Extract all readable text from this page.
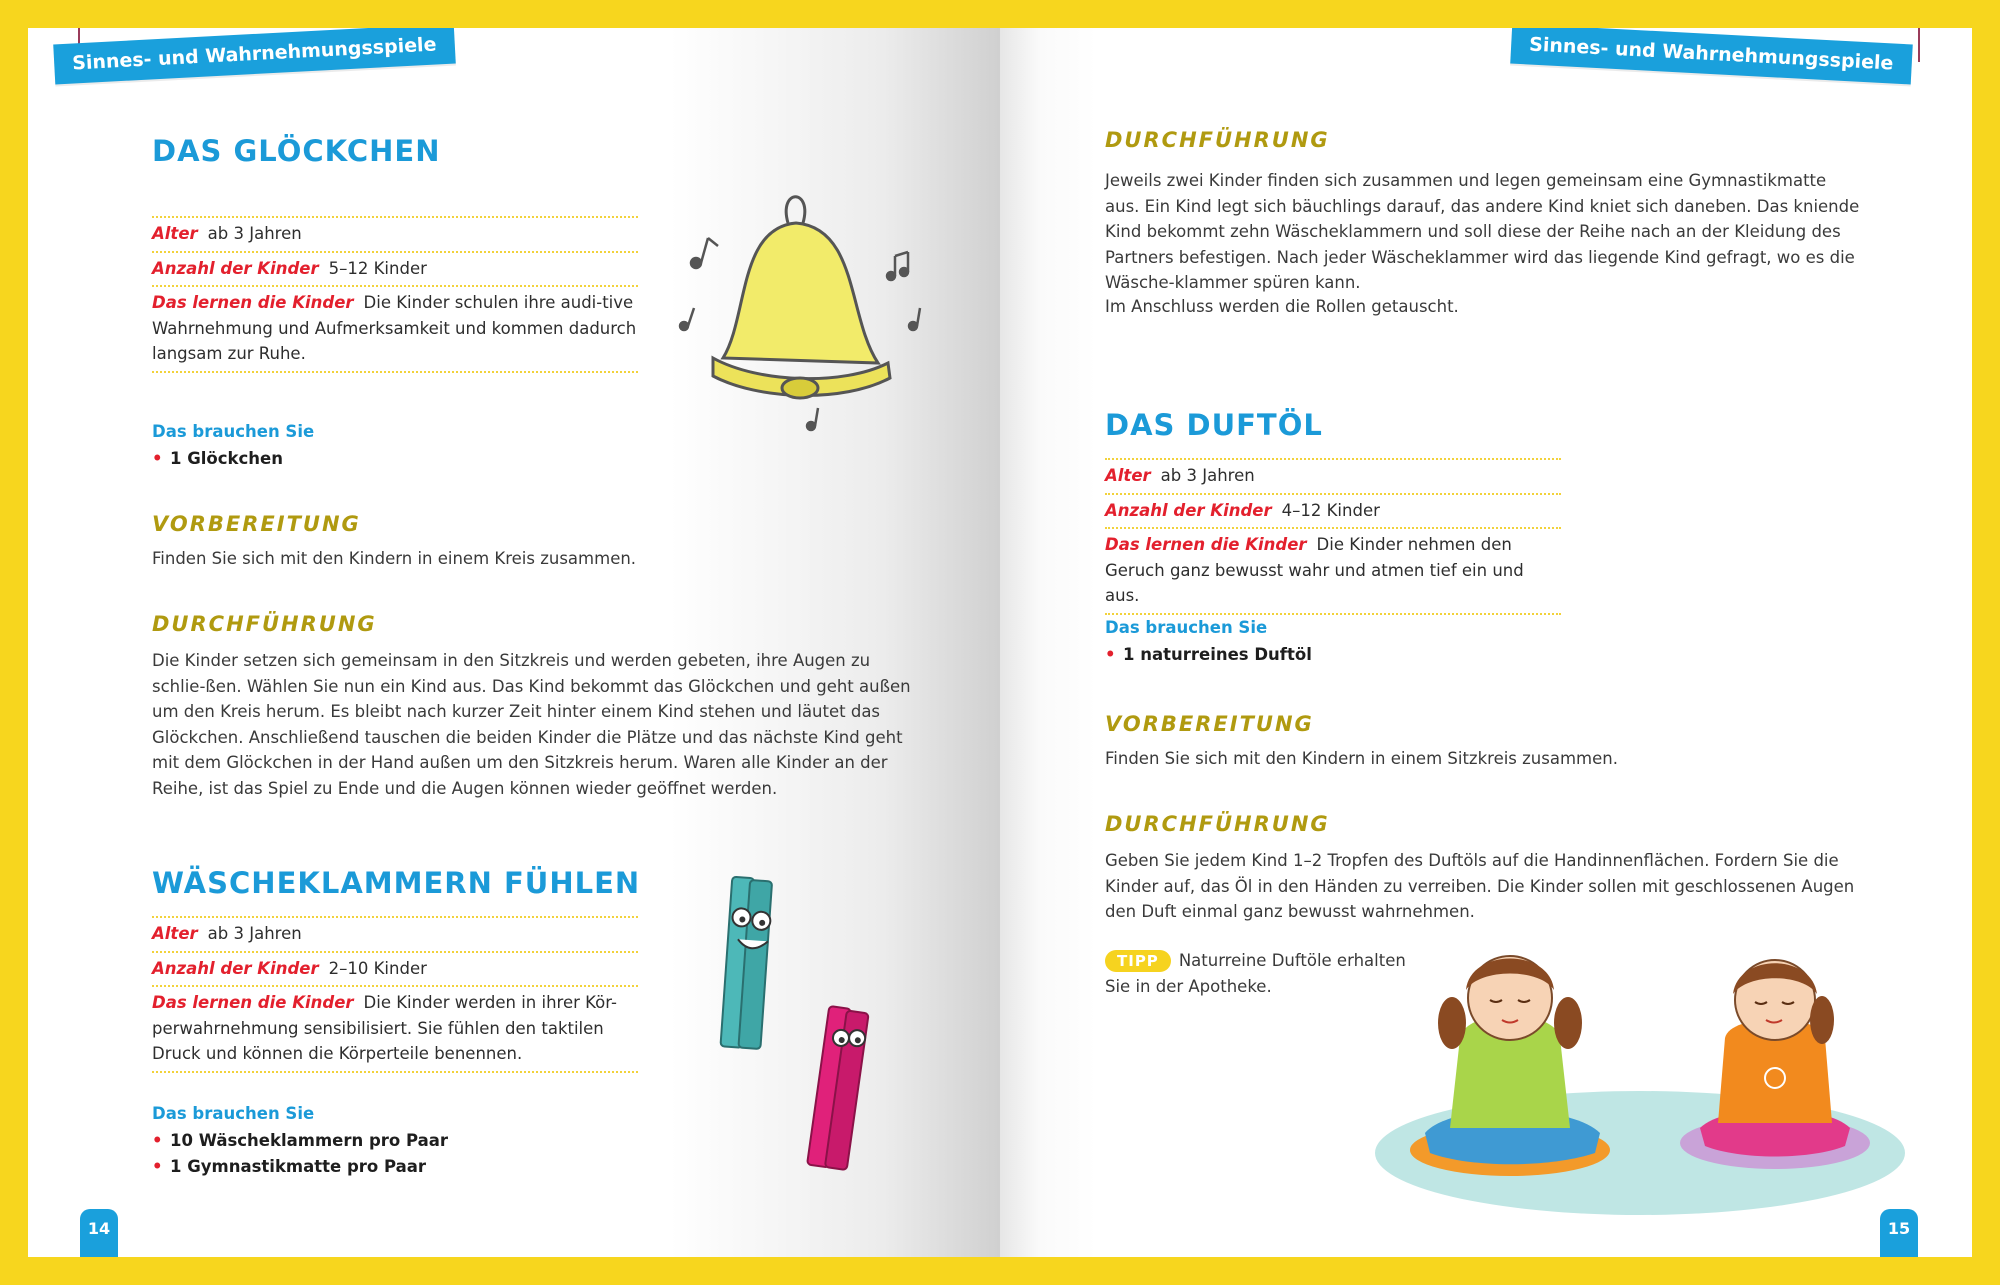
Sinnes- und Wahrnehmungsspiele
DAS GLÖCKCHEN
Alter ab 3 Jahren
Anzahl der Kinder 5–12 Kinder
Das lernen die Kinder Die Kinder schulen ihre audi-tive Wahrnehmung und Aufmerksamkeit und kommen dadurch langsam zur Ruhe.
Das brauchen Sie
• 1 Glöckchen
VORBEREITUNG

Finden Sie sich mit den Kindern in einem Kreis zusammen.

DURCHFÜHRUNG

Die Kinder setzen sich gemeinsam in den Sitzkreis und werden gebeten, ihre Augen zu schlie-ßen. Wählen Sie nun ein Kind aus. Das Kind bekommt das Glöckchen und geht außen um den Kreis herum. Es bleibt nach kurzer Zeit hinter einem Kind stehen und läutet das Glöckchen. Anschließend tauschen die beiden Kinder die Plätze und das nächste Kind geht mit dem Glöckchen in der Hand außen um den Sitzkreis herum. Waren alle Kinder an der Reihe, ist das Spiel zu Ende und die Augen können wieder geöffnet werden.

WÄSCHEKLAMMERN FÜHLEN
Alter ab 3 Jahren
Anzahl der Kinder 2–10 Kinder
Das lernen die Kinder Die Kinder werden in ihrer Kör-perwahrnehmung sensibilisiert. Sie fühlen den taktilen Druck und können die Körperteile benennen.
Das brauchen Sie
• 10 Wäscheklammern pro Paar
• 1 Gymnastikmatte pro Paar
14
Sinnes- und Wahrnehmungsspiele
DURCHFÜHRUNG

Jeweils zwei Kinder finden sich zusammen und legen gemeinsam eine Gymnastikmatte aus. Ein Kind legt sich bäuchlings darauf, das andere Kind kniet sich daneben. Das kniende Kind bekommt zehn Wäscheklammern und soll diese der Reihe nach an der Kleidung des Partners befestigen. Nach jeder Wäscheklammer wird das liegende Kind gefragt, wo es die Wäsche-klammer spüren kann.

Im Anschluss werden die Rollen getauscht.

DAS DUFTÖL
Alter ab 3 Jahren
Anzahl der Kinder 4–12 Kinder
Das lernen die Kinder Die Kinder nehmen den Geruch ganz bewusst wahr und atmen tief ein und aus.
Das brauchen Sie
• 1 naturreines Duftöl
VORBEREITUNG

Finden Sie sich mit den Kindern in einem Sitzkreis zusammen.

DURCHFÜHRUNG

Geben Sie jedem Kind 1–2 Tropfen des Duftöls auf die Handinnenflächen. Fordern Sie die Kinder auf, das Öl in den Händen zu verreiben. Die Kinder sollen mit geschlossenen Augen den Duft einmal ganz bewusst wahrnehmen.

TIPP Naturreine Duftöle erhalten Sie in der Apotheke.

15
